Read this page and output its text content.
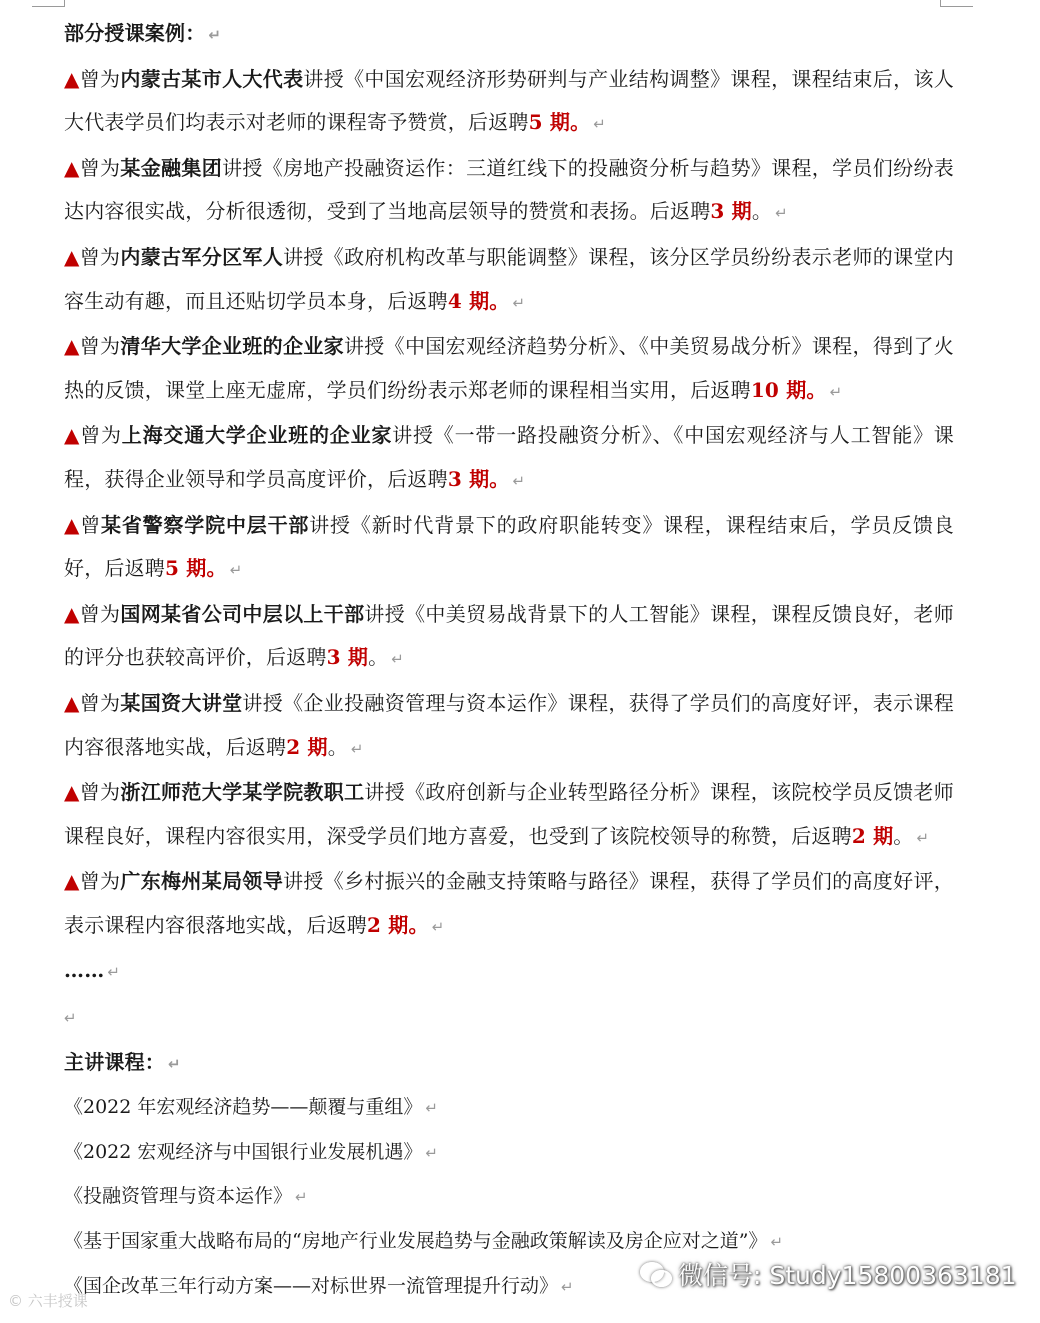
部分授课案例： ↵

▲曾为内蒙古某市人大代表讲授《中国宏观经济形势研判与产业结构调整》课程，课程结束后，该人大代表学员们均表示对老师的课程寄予赞赏，后返聘5 期。 ↵

▲曾为某金融集团讲授《房地产投融资运作：三道红线下的投融资分析与趋势》课程，学员们纷纷表达内容很实战，分析很透彻，受到了当地高层领导的赞赏和表扬。后返聘3 期。 ↵

▲曾为内蒙古军分区军人讲授《政府机构改革与职能调整》课程，该分区学员纷纷表示老师的课堂内容生动有趣，而且还贴切学员本身，后返聘4 期。 ↵

▲曾为清华大学企业班的企业家讲授《中国宏观经济趋势分析》、《中美贸易战分析》课程，得到了火热的反馈，课堂上座无虚席，学员们纷纷表示郑老师的课程相当实用，后返聘10 期。 ↵

▲曾为上海交通大学企业班的企业家讲授《一带一路投融资分析》、《中国宏观经济与人工智能》课程，获得企业领导和学员高度评价，后返聘3 期。 ↵

▲曾某省警察学院中层干部讲授《新时代背景下的政府职能转变》课程，课程结束后，学员反馈良好，后返聘5 期。 ↵

▲曾为国网某省公司中层以上干部讲授《中美贸易战背景下的人工智能》课程，课程反馈良好，老师的评分也获较高评价，后返聘3 期。 ↵

▲曾为某国资大讲堂讲授《企业投融资管理与资本运作》课程，获得了学员们的高度好评，表示课程内容很落地实战，后返聘2 期。 ↵

▲曾为浙江师范大学某学院教职工讲授《政府创新与企业转型路径分析》课程，该院校学员反馈老师课程良好，课程内容很实用，深受学员们地方喜爱，也受到了该院校领导的称赞，后返聘2 期。 ↵

▲曾为广东梅州某局领导讲授《乡村振兴的金融支持策略与路径》课程，获得了学员们的高度好评，表示课程内容很落地实战，后返聘2 期。 ↵

…… ↵

↵

主讲课程： ↵

《2022 年宏观经济趋势——颠覆与重组》 ↵

《2022 宏观经济与中国银行业发展机遇》 ↵

《投融资管理与资本运作》 ↵

《基于国家重大战略布局的“房地产行业发展趋势与金融政策解读及房企应对之道”》 ↵

《国企改革三年行动方案——对标世界一流管理提升行动》 ↵	微信号: Study15800363181
© 六丰授课
